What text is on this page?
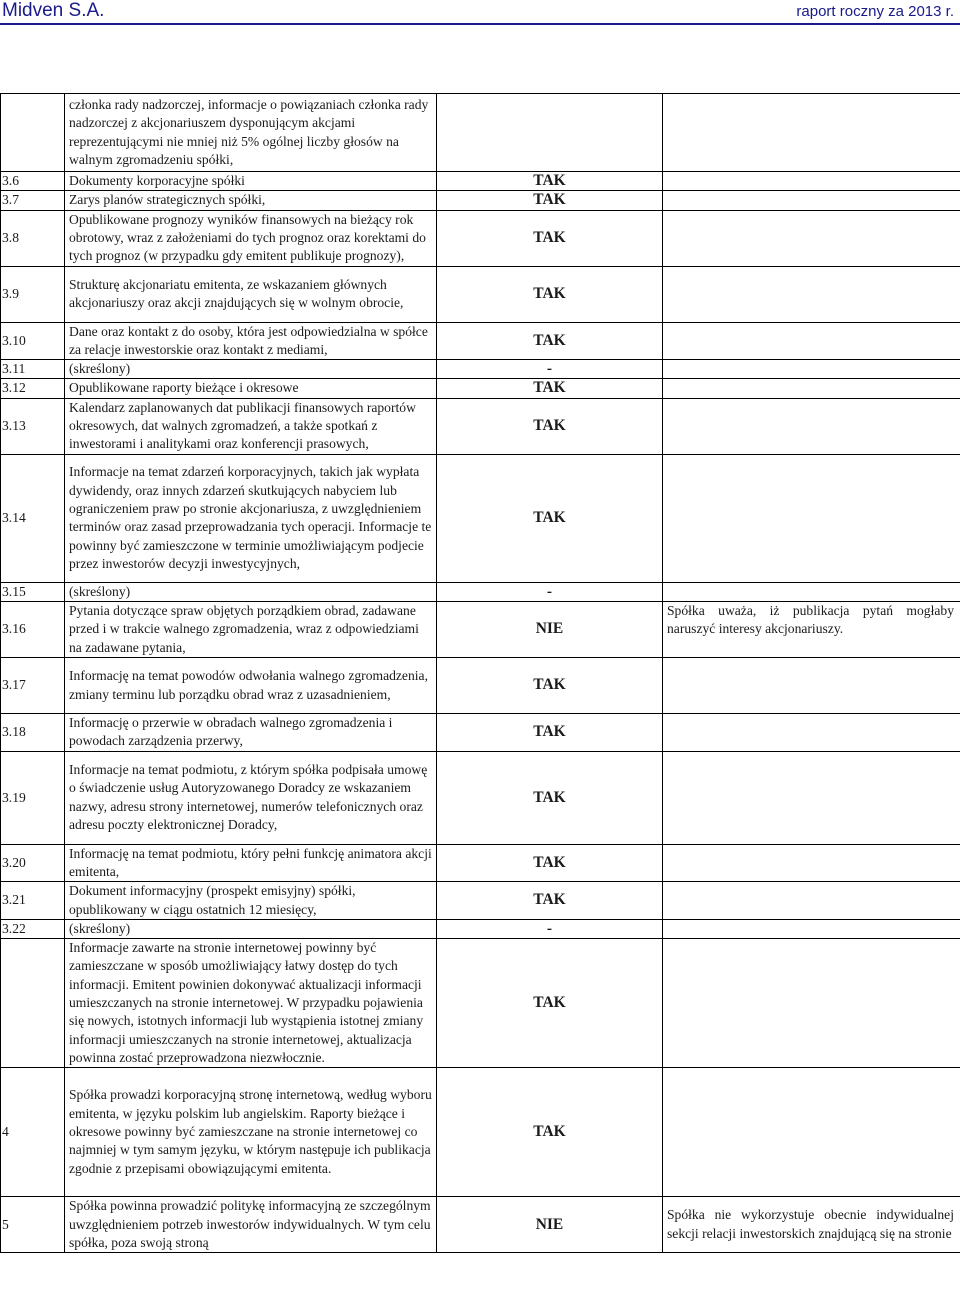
Midven S.A.	raport roczny za 2013 r.
	członka rady nadzorczej, informacje o powiązaniach członka rady nadzorczej z akcjonariuszem dysponującym akcjami reprezentującymi nie mniej niż 5% ogólnej liczby głosów na walnym zgromadzeniu spółki,		
3.6	Dokumenty korporacyjne spółki	TAK	
3.7	Zarys planów strategicznych spółki,	TAK	
3.8	Opublikowane prognozy wyników finansowych na bieżący rok obrotowy, wraz z założeniami do tych prognoz oraz korektami do tych prognoz (w przypadku gdy emitent publikuje prognozy),	TAK	
3.9	Strukturę akcjonariatu emitenta, ze wskazaniem głównych akcjonariuszy oraz akcji znajdujących się w wolnym obrocie,	TAK	
3.10	Dane oraz kontakt z do osoby, która jest odpowiedzialna w spółce za relacje inwestorskie oraz kontakt z mediami,	TAK	
3.11	(skreślony)	-	
3.12	Opublikowane raporty bieżące i okresowe	TAK	
3.13	Kalendarz zaplanowanych dat publikacji finansowych raportów okresowych, dat walnych zgromadzeń, a także spotkań z inwestorami i analitykami oraz konferencji prasowych,	TAK	
3.14	Informacje na temat zdarzeń korporacyjnych, takich jak wypłata dywidendy, oraz innych zdarzeń skutkujących nabyciem lub ograniczeniem praw po stronie akcjonariusza, z uwzględnieniem terminów oraz zasad przeprowadzania tych operacji. Informacje te powinny być zamieszczone w terminie umożliwiającym podjecie przez inwestorów decyzji inwestycyjnych,	TAK	
3.15	(skreślony)	-	
3.16	Pytania dotyczące spraw objętych porządkiem obrad, zadawane przed i w trakcie walnego zgromadzenia, wraz z odpowiedziami na zadawane pytania,	NIE	Spółka uważa, iż publikacja pytań mogłaby naruszyć interesy akcjonariuszy.
3.17	Informację na temat powodów odwołania walnego zgromadzenia, zmiany terminu lub porządku obrad wraz z uzasadnieniem,	TAK	
3.18	Informację o przerwie w obradach walnego zgromadzenia i powodach zarządzenia przerwy,	TAK	
3.19	Informacje na temat podmiotu, z którym spółka podpisała umowę o świadczenie usług Autoryzowanego Doradcy ze wskazaniem nazwy, adresu strony internetowej, numerów telefonicznych oraz adresu poczty elektronicznej Doradcy,	TAK	
3.20	Informację na temat podmiotu, który pełni funkcję animatora akcji emitenta,	TAK	
3.21	Dokument informacyjny (prospekt emisyjny) spółki, opublikowany w ciągu ostatnich 12 miesięcy,	TAK	
3.22	(skreślony)	-	
	Informacje zawarte na stronie internetowej powinny być zamieszczane w sposób umożliwiający łatwy dostęp do tych informacji. Emitent powinien dokonywać aktualizacji informacji umieszczanych na stronie internetowej. W przypadku pojawienia się nowych, istotnych informacji lub wystąpienia istotnej zmiany informacji umieszczanych na stronie internetowej, aktualizacja powinna zostać przeprowadzona niezwłocznie.	TAK	
4	Spółka prowadzi korporacyjną stronę internetową, według wyboru emitenta, w języku polskim lub angielskim. Raporty bieżące i okresowe powinny być zamieszczane na stronie internetowej co najmniej w tym samym języku, w którym następuje ich publikacja zgodnie z przepisami obowiązującymi emitenta.	TAK	
5	Spółka powinna prowadzić politykę informacyjną ze szczególnym uwzględnieniem potrzeb inwestorów indywidualnych. W tym celu spółka, poza swoją stroną	NIE	Spółka nie wykorzystuje obecnie indywidualnej sekcji relacji inwestorskich znajdującą się na stronie
